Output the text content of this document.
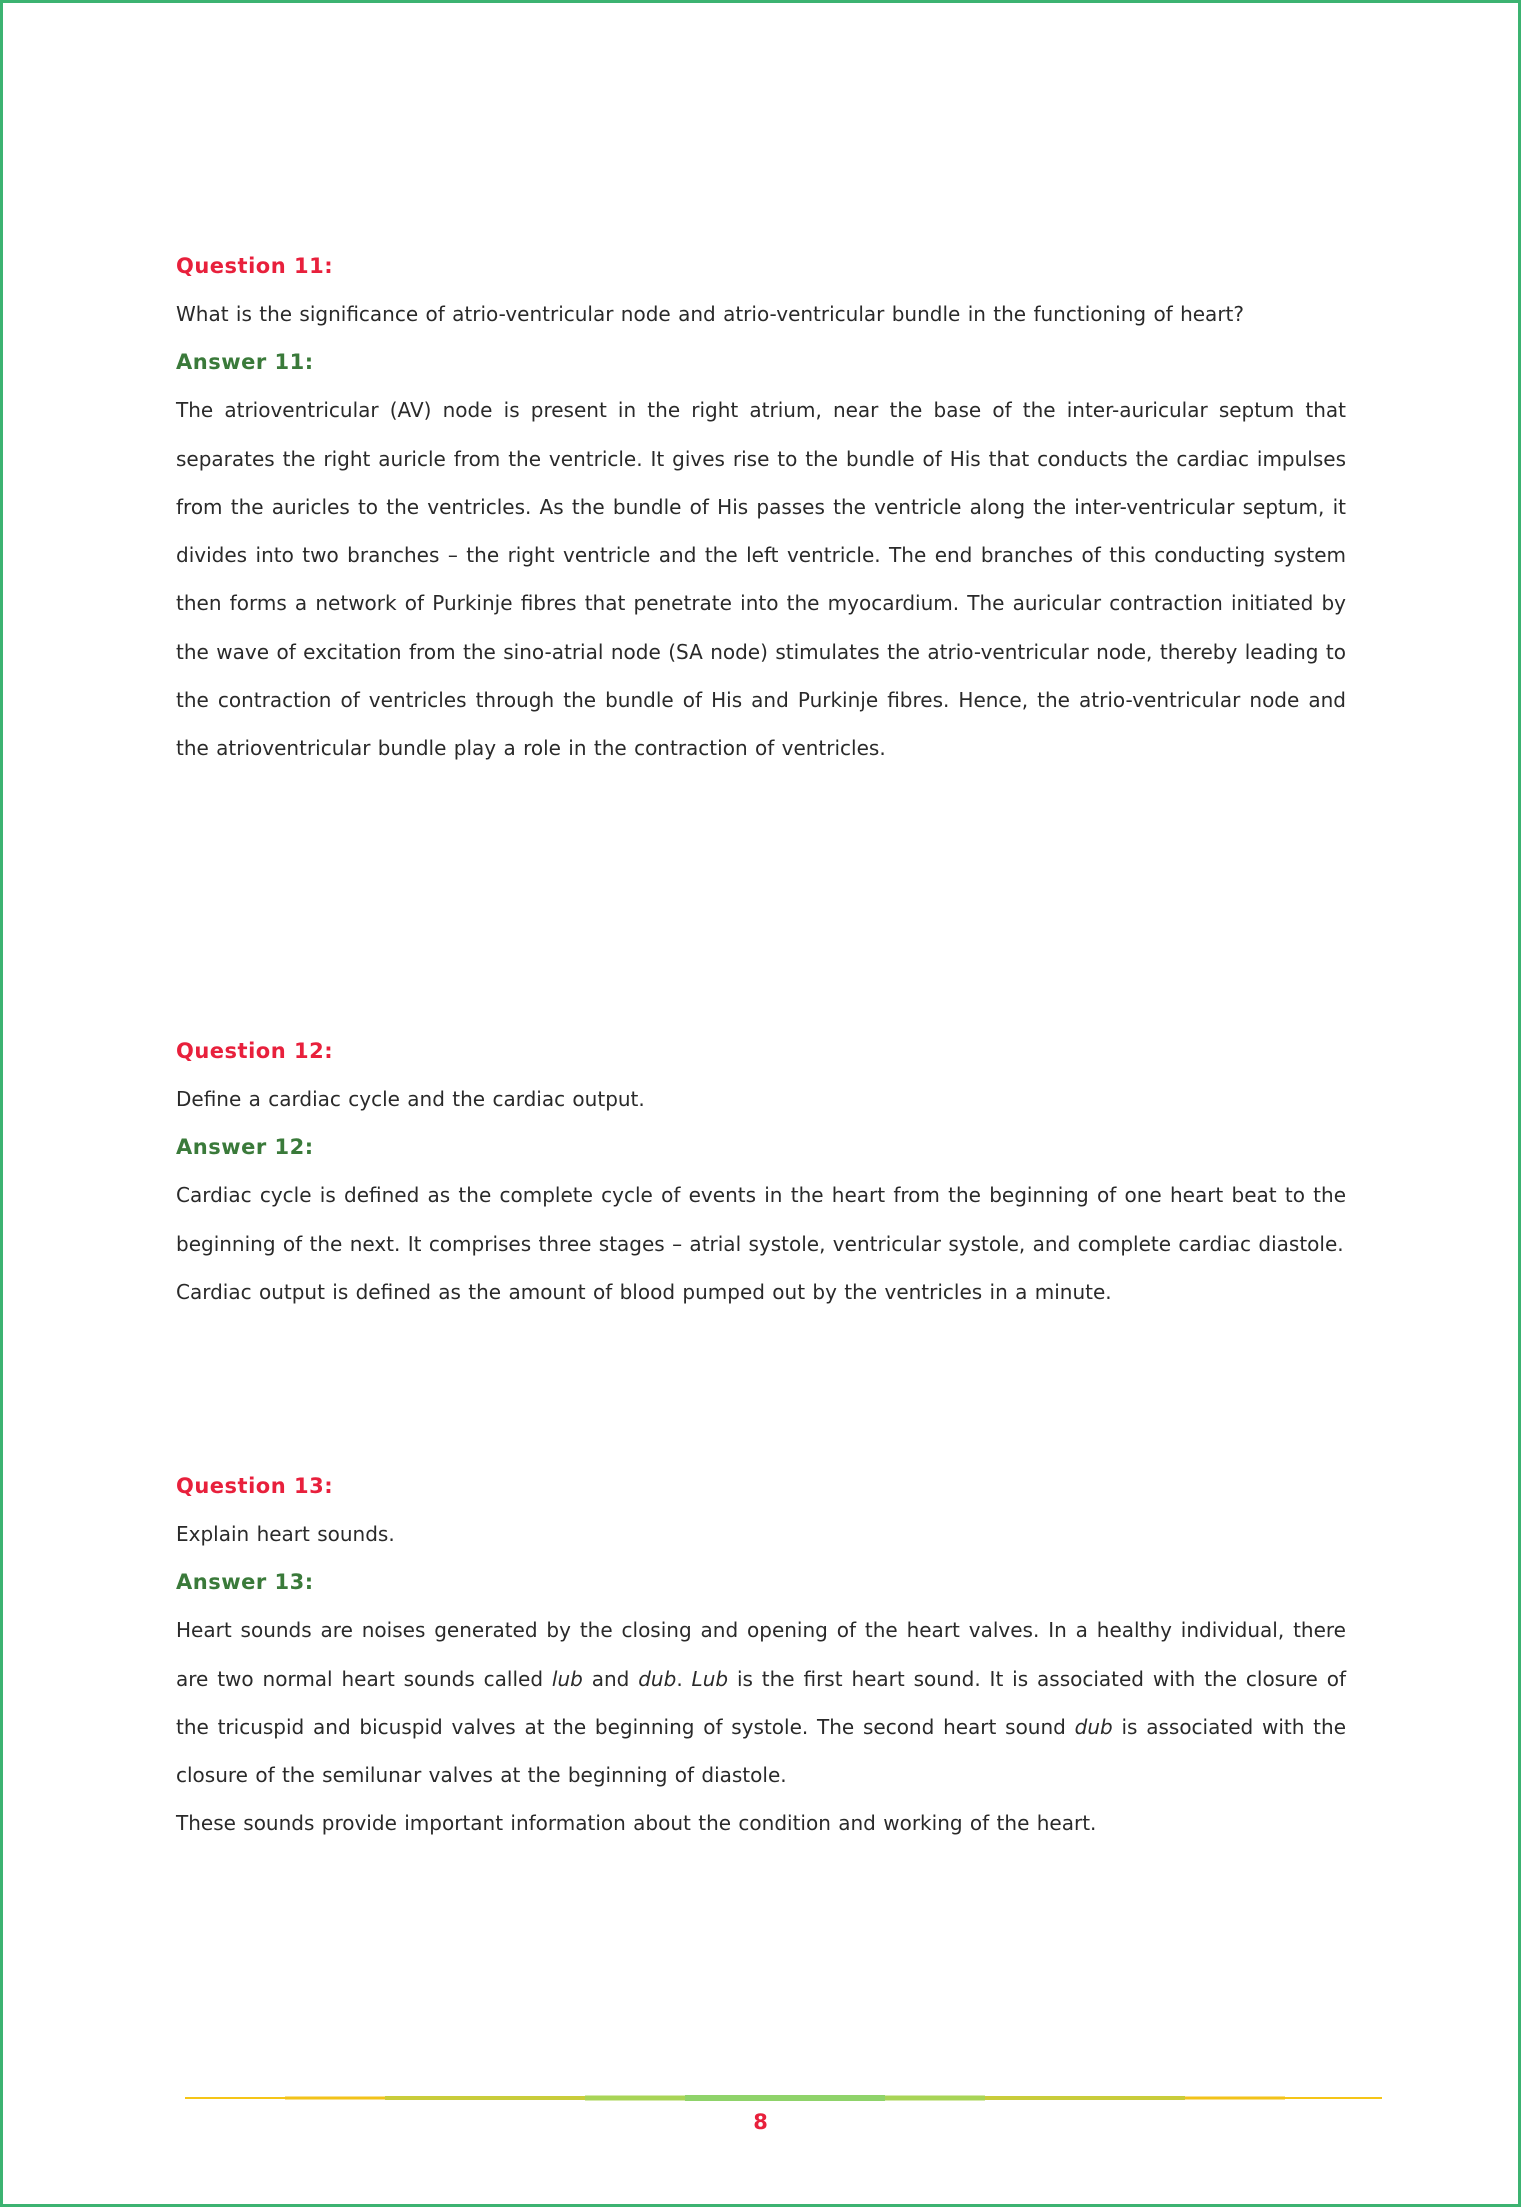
Question 11:

What is the significance of atrio-ventricular node and atrio-ventricular bundle in the functioning of heart?

Answer 11:

The atrioventricular (AV) node is present in the right atrium, near the base of the inter-auricular septum that separates the right auricle from the ventricle. It gives rise to the bundle of His that conducts the cardiac impulses from the auricles to the ventricles. As the bundle of His passes the ventricle along the inter-ventricular septum, it divides into two branches – the right ventricle and the left ventricle. The end branches of this conducting system then forms a network of Purkinje fibres that penetrate into the myocardium. The auricular contraction initiated by the wave of excitation from the sino-atrial node (SA node) stimulates the atrio-ventricular node, thereby leading to the contraction of ventricles through the bundle of His and Purkinje fibres. Hence, the atrio-ventricular node and the atrioventricular bundle play a role in the contraction of ventricles.

Question 12:

Define a cardiac cycle and the cardiac output.

Answer 12:

Cardiac cycle is defined as the complete cycle of events in the heart from the beginning of one heart beat to the beginning of the next. It comprises three stages – atrial systole, ventricular systole, and complete cardiac diastole.

Cardiac output is defined as the amount of blood pumped out by the ventricles in a minute.

Question 13:

Explain heart sounds.

Answer 13:

Heart sounds are noises generated by the closing and opening of the heart valves. In a healthy individual, there are two normal heart sounds called lub and dub. Lub is the first heart sound. It is associated with the closure of the tricuspid and bicuspid valves at the beginning of systole. The second heart sound dub is associated with the closure of the semilunar valves at the beginning of diastole.

These sounds provide important information about the condition and working of the heart.

8
